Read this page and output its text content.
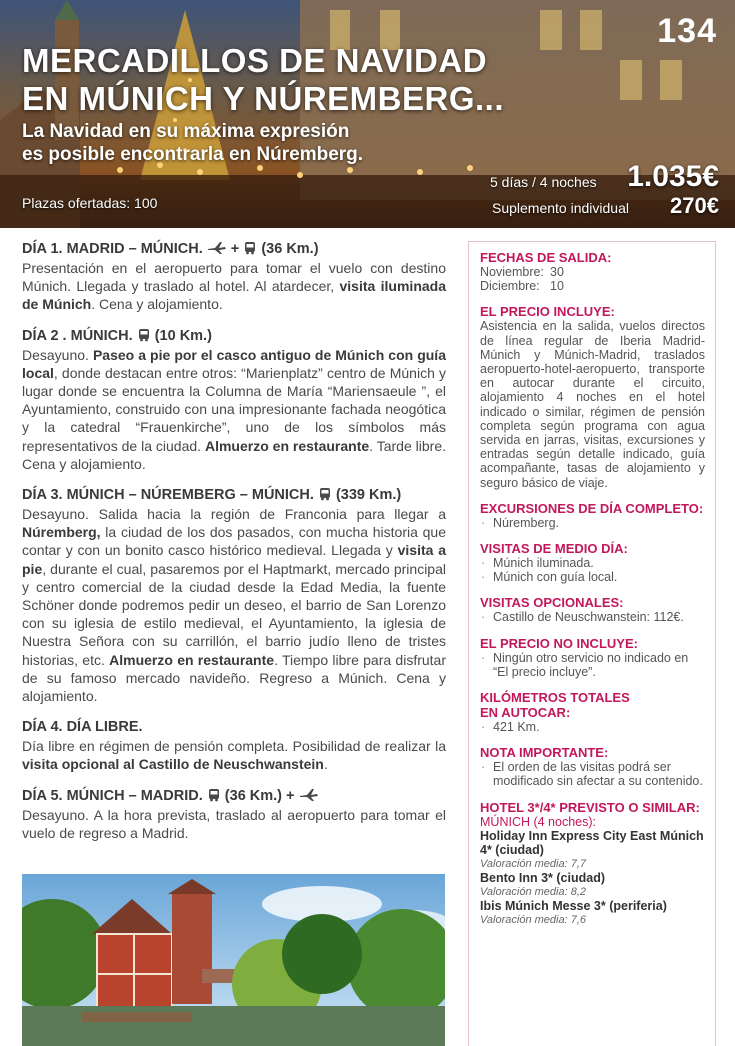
134
MERCADILLOS DE NAVIDAD
EN MÚNICH Y NÚREMBERG...
La Navidad en su máxima expresión
es posible encontrarla en Núremberg.
Plazas ofertadas: 100
5 días / 4 noches 1.035€
Suplemento individual 270€
DÍA 1. MADRID – MÚNICH. + (36 Km.)

Presentación en el aeropuerto para tomar el vuelo con destino Múnich. Llegada y traslado al hotel. Al atardecer, visita iluminada de Múnich. Cena y alojamiento.

DÍA 2 . MÚNICH. (10 Km.)

Desayuno. Paseo a pie por el casco antiguo de Múnich con guía local, donde destacan entre otros: “Marienplatz” centro de Múnich y lugar donde se encuentra la Columna de María “Mariensaeule ”, el Ayuntamiento, construido con una impresionante fachada neogótica y la catedral “Frauenkirche”, uno de los símbolos más representativos de la ciudad. Almuerzo en restaurante. Tarde libre. Cena y alojamiento.

DÍA 3. MÚNICH – NÚREMBERG – MÚNICH. (339 Km.)

Desayuno. Salida hacia la región de Franconia para llegar a Núremberg, la ciudad de los dos pasados, con mucha historia que contar y con un bonito casco histórico medieval. Llegada y visita a pie, durante el cual, pasaremos por el Haptmarkt, mercado principal y centro comercial de la ciudad desde la Edad Media, la fuente Schöner donde podremos pedir un deseo, el barrio de San Lorenzo con su iglesia de estilo medieval, el Ayuntamiento, la iglesia de Nuestra Señora con su carrillón, el barrio judío lleno de tristes historias, etc. Almuerzo en restaurante. Tiempo libre para disfrutar de su famoso mercado navideño. Regreso a Múnich. Cena y alojamiento.

DÍA 4. DÍA LIBRE.

Día libre en régimen de pensión completa. Posibilidad de realizar la visita opcional al Castillo de Neuschwanstein.

DÍA 5. MÚNICH – MADRID. (36 Km.) +

Desayuno. A la hora prevista, traslado al aeropuerto para tomar el vuelo de regreso a Madrid.

FECHAS DE SALIDA:
Noviembre: 30
Diciembre: 10
EL PRECIO INCLUYE:

Asistencia en la salida, vuelos directos de línea regular de Iberia Madrid-Múnich y Múnich-Madrid, traslados aeropuerto-hotel-aeropuerto, transporte en autocar durante el circuito, alojamiento 4 noches en el hotel indicado o similar, régimen de pensión completa según programa con agua servida en jarras, visitas, excursiones y entradas según detalle indicado, guía acompañante, tasas de alojamiento y seguro básico de viaje.

EXCURSIONES DE DÍA COMPLETO:
· Núremberg.
VISITAS DE MEDIO DÍA:
· Múnich iluminada.
· Múnich con guía local.
VISITAS OPCIONALES:
· Castillo de Neuschwanstein: 112€.
EL PRECIO NO INCLUYE:
· Ningún otro servicio no indicado en “El precio incluye”.
KILÓMETROS TOTALES
EN AUTOCAR:
· 421 Km.
NOTA IMPORTANTE:
· El orden de las visitas podrá ser modificado sin afectar a su contenido.
HOTEL 3*/4* PREVISTO O SIMILAR:
MÚNICH (4 noches):
Holiday Inn Express City East Múnich 4* (ciudad)
Valoración media: 7,7
Bento Inn 3* (ciudad)
Valoración media: 8,2
Ibis Múnich Messe 3* (periferia)
Valoración media: 7,6
